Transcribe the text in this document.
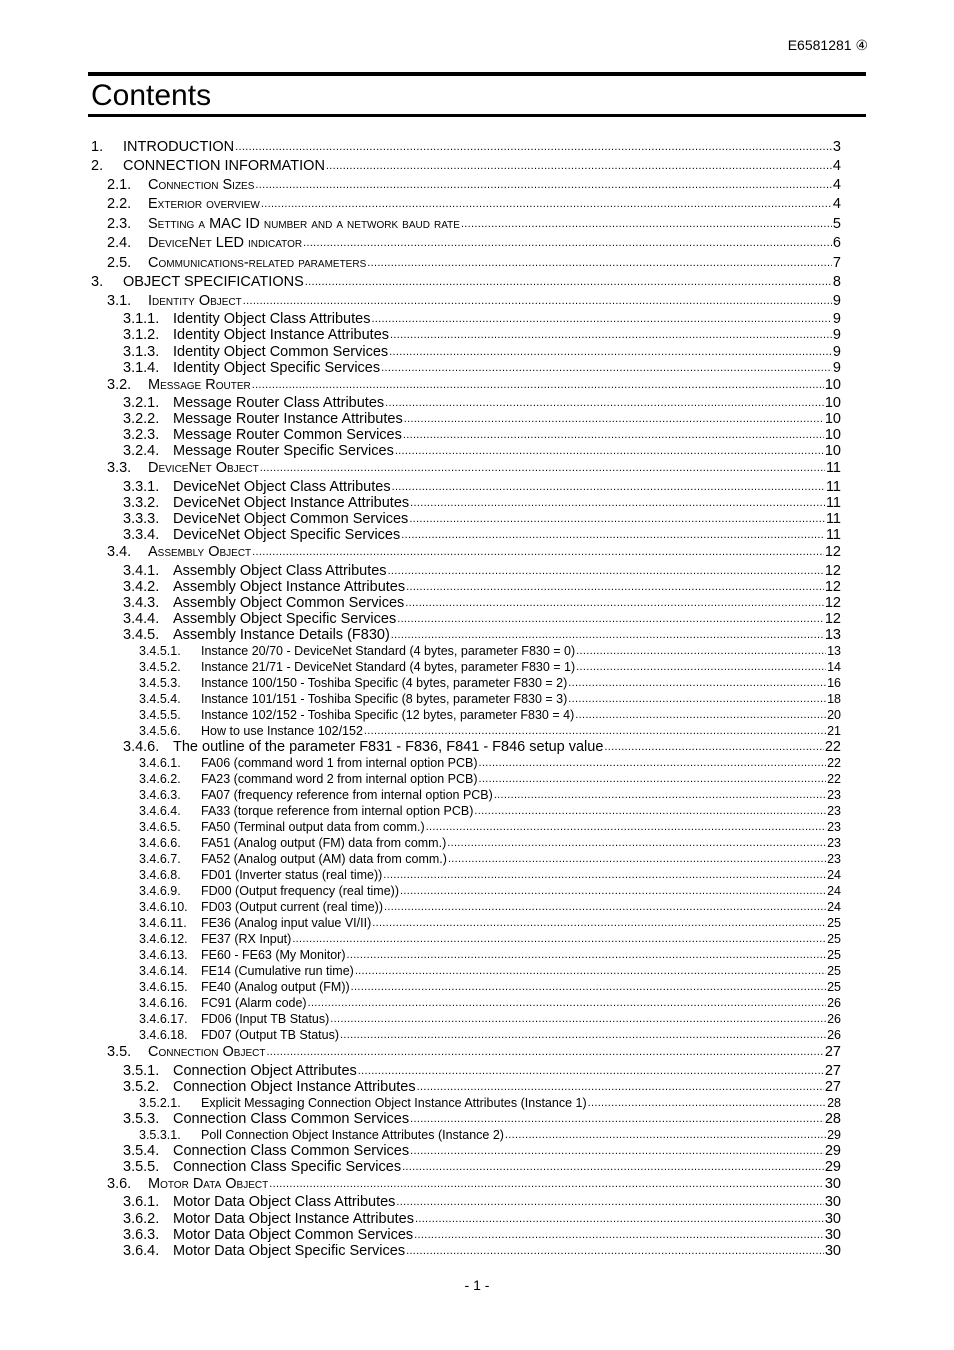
E6581281 ④
Contents
1.	INTRODUCTION .....	3
2.	CONNECTION INFORMATION .....	4
2.1.	Connection Sizes .....	4
2.2.	Exterior overview .....	4
2.3.	Setting a MAC ID number and a network baud rate .....	5
2.4.	DeviceNet LED indicator .....	6
2.5.	Communications-related parameters .....	7
3.	OBJECT SPECIFICATIONS .....	8
3.1.	Identity Object .....	9
3.1.1. Identity Object Class Attributes .....	9
3.1.2. Identity Object Instance Attributes .....	9
3.1.3. Identity Object Common Services .....	9
3.1.4. Identity Object Specific Services .....	9
3.2.	Message Router .....	10
3.2.1. Message Router Class Attributes .....	10
3.2.2. Message Router Instance Attributes .....	10
3.2.3. Message Router Common Services .....	10
3.2.4. Message Router Specific Services .....	10
3.3.	DeviceNet Object .....	11
3.3.1. DeviceNet Object Class Attributes .....	11
3.3.2. DeviceNet Object Instance Attributes .....	11
3.3.3. DeviceNet Object Common Services .....	11
3.3.4. DeviceNet Object Specific Services .....	11
3.4.	Assembly Object .....	12
3.4.1. Assembly Object Class Attributes .....	12
3.4.2. Assembly Object Instance Attributes .....	12
3.4.3. Assembly Object Common Services .....	12
3.4.4. Assembly Object Specific Services .....	12
3.4.5. Assembly Instance Details (F830) .....	13
3.4.5.1.	Instance 20/70 - DeviceNet Standard (4 bytes, parameter F830 = 0) .....	13
3.4.5.2.	Instance 21/71 - DeviceNet Standard (4 bytes, parameter F830 = 1) .....	14
3.4.5.3.	Instance 100/150 - Toshiba Specific (4 bytes, parameter F830 = 2) .....	16
3.4.5.4.	Instance 101/151 - Toshiba Specific (8 bytes, parameter F830 = 3) .....	18
3.4.5.5.	Instance 102/152 - Toshiba Specific (12 bytes, parameter F830 = 4) .....	20
3.4.5.6.	How to use Instance 102/152 .....	21
3.4.6. The outline of the parameter F831 - F836, F841 - F846 setup value .....	22
3.4.6.1.	FA06 (command word 1 from internal option PCB) .....	22
3.4.6.2.	FA23 (command word 2 from internal option PCB) .....	22
3.4.6.3.	FA07 (frequency reference from internal option PCB) .....	23
3.4.6.4.	FA33 (torque reference from internal option PCB) .....	23
3.4.6.5.	FA50 (Terminal output data from comm.) .....	23
3.4.6.6.	FA51 (Analog output (FM) data from comm.) .....	23
3.4.6.7.	FA52 (Analog output (AM) data from comm.) .....	23
3.4.6.8.	FD01 (Inverter status (real time)) .....	24
3.4.6.9.	FD00 (Output frequency (real time)) .....	24
3.4.6.10.	FD03 (Output current (real time)) .....	24
3.4.6.11.	FE36 (Analog input value VI/II) .....	25
3.4.6.12.	FE37 (RX Input) .....	25
3.4.6.13.	FE60 - FE63 (My Monitor) .....	25
3.4.6.14.	FE14 (Cumulative run time) .....	25
3.4.6.15.	FE40 (Analog output (FM)) .....	25
3.4.6.16.	FC91 (Alarm code) .....	26
3.4.6.17.	FD06 (Input TB Status) .....	26
3.4.6.18.	FD07 (Output TB Status) .....	26
3.5.	Connection Object .....	27
3.5.1. Connection Object Attributes .....	27
3.5.2. Connection Object Instance Attributes .....	27
3.5.2.1.	Explicit Messaging Connection Object Instance Attributes (Instance 1) .....	28
3.5.3. Connection Class Common Services .....	28
3.5.3.1.	Poll Connection Object Instance Attributes (Instance 2) .....	29
3.5.4. Connection Class Common Services .....	29
3.5.5. Connection Class Specific Services .....	29
3.6.	Motor Data Object .....	30
3.6.1. Motor Data Object Class Attributes .....	30
3.6.2. Motor Data Object Instance Attributes .....	30
3.6.3. Motor Data Object Common Services .....	30
3.6.4. Motor Data Object Specific Services .....	30
- 1 -
